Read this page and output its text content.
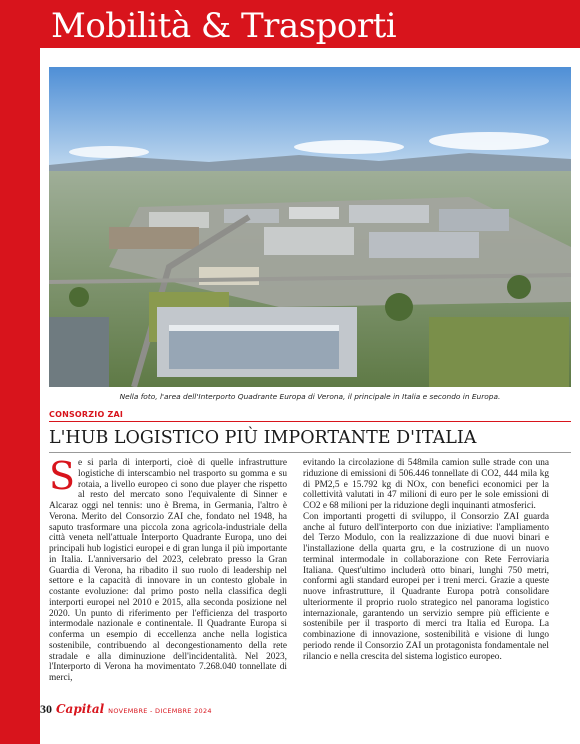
Mobilità & Trasporti

Nella foto, l'area dell'Interporto Quadrante Europa di Verona, il principale in Italia e secondo in Europa.

CONSORZIO ZAI
L'HUB LOGISTICO PIÙ IMPORTANTE D'ITALIA

Se si parla di interporti, cioè di quelle infrastrutture logistiche di interscambio nel trasporto su gomma e su rotaia, a livello europeo ci sono due player che rispetto al resto del mercato sono l'equivalente di Sinner e Alcaraz oggi nel tennis: uno è Brema, in Germania, l'altro è Verona. Merito del Consorzio ZAI che, fondato nel 1948, ha saputo trasformare una piccola zona agricola-industriale della città veneta nell'attuale Interporto Quadrante Europa, uno dei principali hub logistici europei e di gran lunga il più importante in Italia. L'anniversario del 2023, celebrato presso la Gran Guardia di Verona, ha ribadito il suo ruolo di leadership nel settore e la capacità di innovare in un contesto globale in costante evoluzione: dal primo posto nella classifica degli interporti europei nel 2010 e 2015, alla seconda posizione nel 2020. Un punto di riferimento per l'efficienza del trasporto intermodale nazionale e continentale. Il Quadrante Europa si conferma un esempio di eccellenza anche nella logistica sostenibile, contribuendo al decongestionamento della rete stradale e alla diminuzione dell'incidentalità. Nel 2023, l'Interporto di Verona ha movimentato 7.268.040 tonnellate di merci,

evitando la circolazione di 548mila camion sulle strade con una riduzione di emissioni di 506.446 tonnellate di CO2, 444 mila kg di PM2,5 e 15.792 kg di NOx, con benefici economici per la collettività valutati in 47 milioni di euro per le sole emissioni di CO2 e 68 milioni per la riduzione degli inquinanti atmosferici.

Con importanti progetti di sviluppo, il Consorzio ZAI guarda anche al futuro dell'interporto con due iniziative: l'ampliamento del Terzo Modulo, con la realizzazione di due nuovi binari e l'installazione della quarta gru, e la costruzione di un nuovo terminal intermodale in collaborazione con Rete Ferroviaria Italiana. Quest'ultimo includerà otto binari, lunghi 750 metri, conformi agli standard europei per i treni merci. Grazie a queste nuove infrastrutture, il Quadrante Europa potrà consolidare ulteriormente il proprio ruolo strategico nel panorama logistico internazionale, garantendo un servizio sempre più efficiente e sostenibile per il trasporto di merci tra Italia ed Europa. La combinazione di innovazione, sostenibilità e visione di lungo periodo rende il Consorzio ZAI un protagonista fondamentale nel rilancio e nella crescita del sistema logistico europeo.

30 Capital NOVEMBRE - DICEMBRE 2024
